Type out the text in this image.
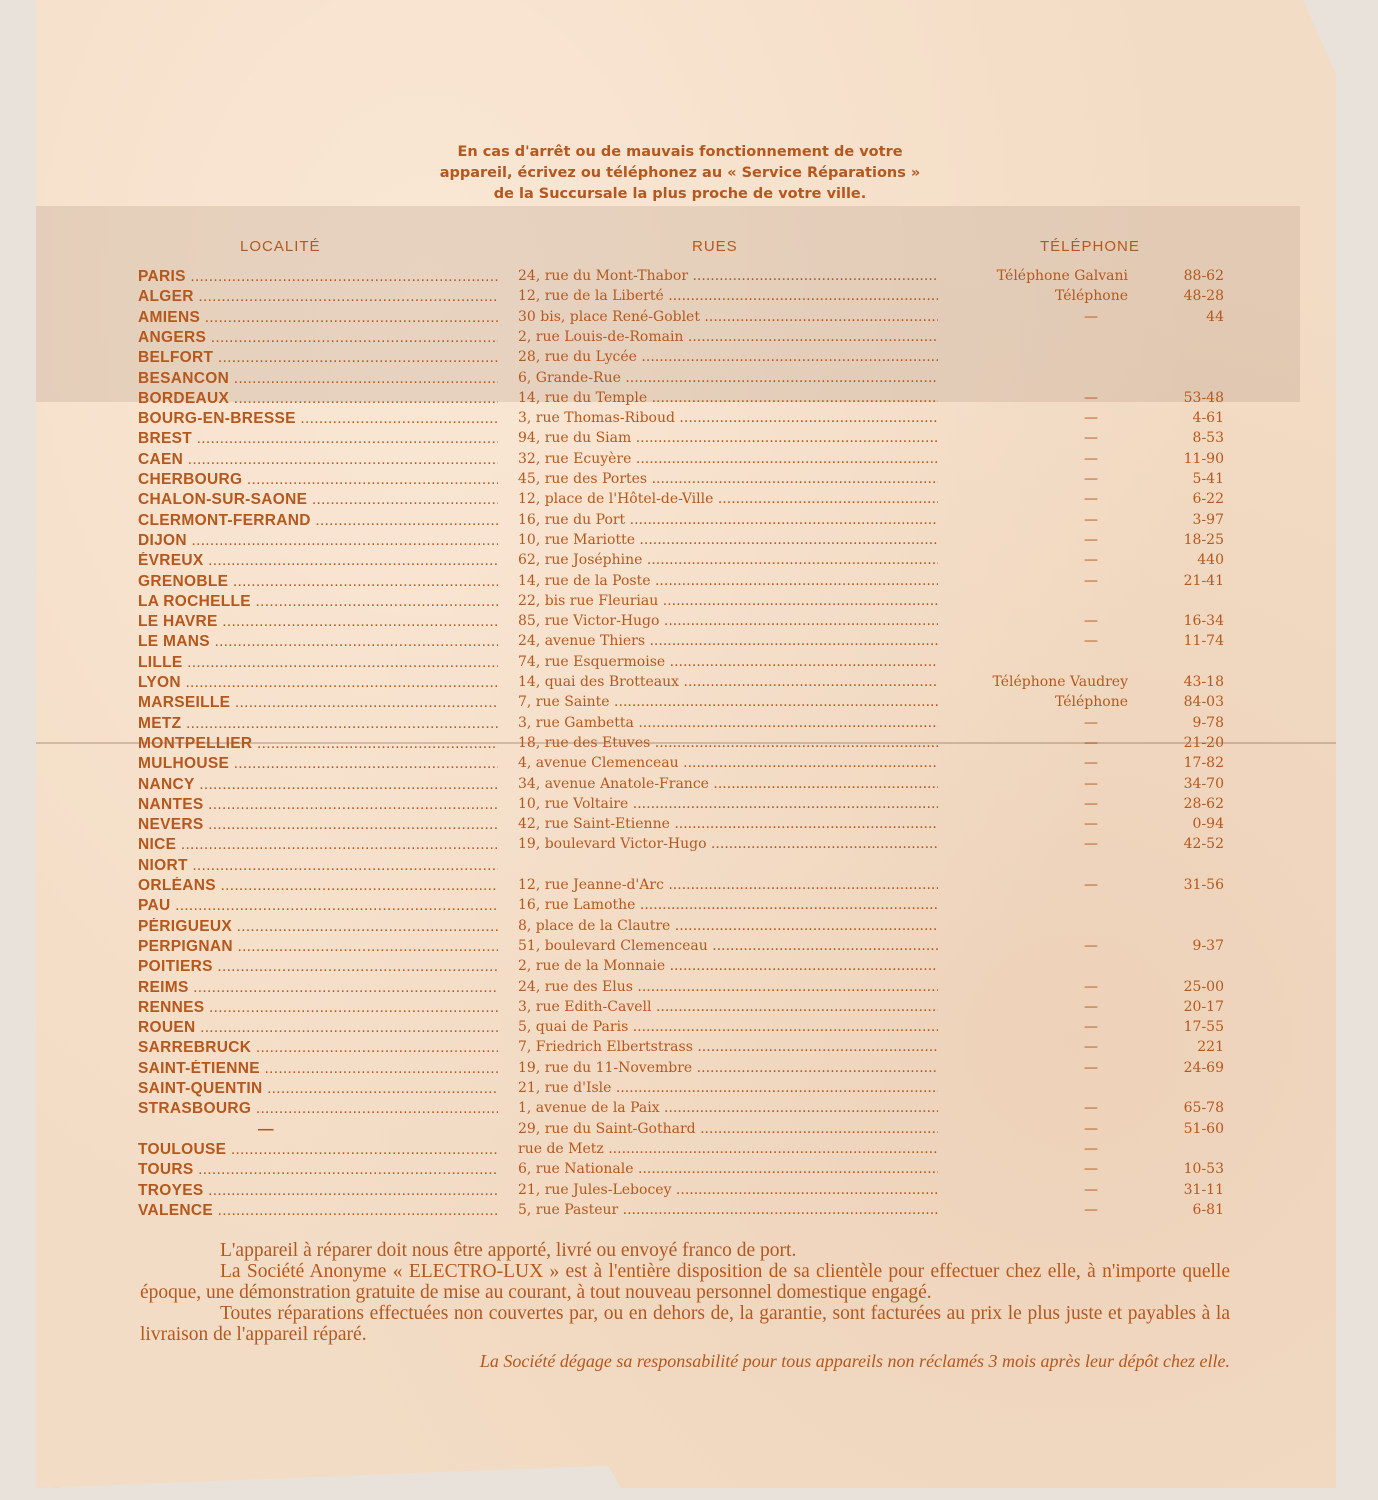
En cas d'arrêt ou de mauvais fonctionnement de votre
appareil, écrivez ou téléphonez au « Service Réparations »
de la Succursale la plus proche de votre ville.
LOCALITÉ	RUES	TÉLÉPHONE
PARIS .....	24, rue du Mont-Thabor .....	Téléphone Galvani	88-62
ALGER .....	12, rue de la Liberté .....	Téléphone	48-28
AMIENS .....	30 bis, place René-Goblet .....	—	44
ANGERS .....	2, rue Louis-de-Romain .....
BELFORT .....	28, rue du Lycée .....
BESANCON .....	6, Grande-Rue .....
BORDEAUX .....	14, rue du Temple .....	—	53-48
BOURG-EN-BRESSE .....	3, rue Thomas-Riboud .....	—	4-61
BREST .....	94, rue du Siam .....	—	8-53
CAEN .....	32, rue Ecuyère .....	—	11-90
CHERBOURG .....	45, rue des Portes .....	—	5-41
CHALON-SUR-SAONE .....	12, place de l'Hôtel-de-Ville .....	—	6-22
CLERMONT-FERRAND .....	16, rue du Port .....	—	3-97
DIJON .....	10, rue Mariotte .....	—	18-25
ÉVREUX .....	62, rue Joséphine .....	—	440
GRENOBLE .....	14, rue de la Poste .....	—	21-41
LA ROCHELLE .....	22, bis rue Fleuriau .....
LE HAVRE .....	85, rue Victor-Hugo .....	—	16-34
LE MANS .....	24, avenue Thiers .....	—	11-74
LILLE .....	74, rue Esquermoise .....
LYON .....	14, quai des Brotteaux .....	Téléphone Vaudrey	43-18
MARSEILLE .....	7, rue Sainte .....	Téléphone	84-03
METZ .....	3, rue Gambetta .....	—	9-78
MONTPELLIER .....	18, rue des Etuves .....	—	21-20
MULHOUSE .....	4, avenue Clemenceau .....	—	17-82
NANCY .....	34, avenue Anatole-France .....	—	34-70
NANTES .....	10, rue Voltaire .....	—	28-62
NEVERS .....	42, rue Saint-Etienne .....	—	0-94
NICE .....	19, boulevard Victor-Hugo .....	—	42-52
NIORT .....
ORLÉANS .....	12, rue Jeanne-d'Arc .....	—	31-56
PAU .....	16, rue Lamothe .....
PÉRIGUEUX .....	8, place de la Clautre .....
PERPIGNAN .....	51, boulevard Clemenceau .....	—	9-37
POITIERS .....	2, rue de la Monnaie .....
REIMS .....	24, rue des Elus .....	—	25-00
RENNES .....	3, rue Edith-Cavell .....	—	20-17
ROUEN .....	5, quai de Paris .....	—	17-55
SARREBRUCK .....	7, Friedrich Elbertstrass .....	—	221
SAINT-ÉTIENNE .....	19, rue du 11-Novembre .....	—	24-69
SAINT-QUENTIN .....	21, rue d'Isle .....
STRASBOURG .....	1, avenue de la Paix .....	—	65-78
—	29, rue du Saint-Gothard .....	—	51-60
TOULOUSE .....	rue de Metz .....	—
TOURS .....	6, rue Nationale .....	—	10-53
TROYES .....	21, rue Jules-Lebocey .....	—	31-11
VALENCE .....	5, rue Pasteur .....	—	6-81

L'appareil à réparer doit nous être apporté, livré ou envoyé franco de port.

La Société Anonyme « ELECTRO-LUX » est à l'entière disposition de sa clientèle pour effectuer chez elle, à n'importe quelle époque, une démonstration gratuite de mise au courant, à tout nouveau personnel domestique engagé.

Toutes réparations effectuées non couvertes par, ou en dehors de, la garantie, sont facturées au prix le plus juste et payables à la livraison de l'appareil réparé.

La Société dégage sa responsabilité pour tous appareils non réclamés 3 mois après leur dépôt chez elle.
